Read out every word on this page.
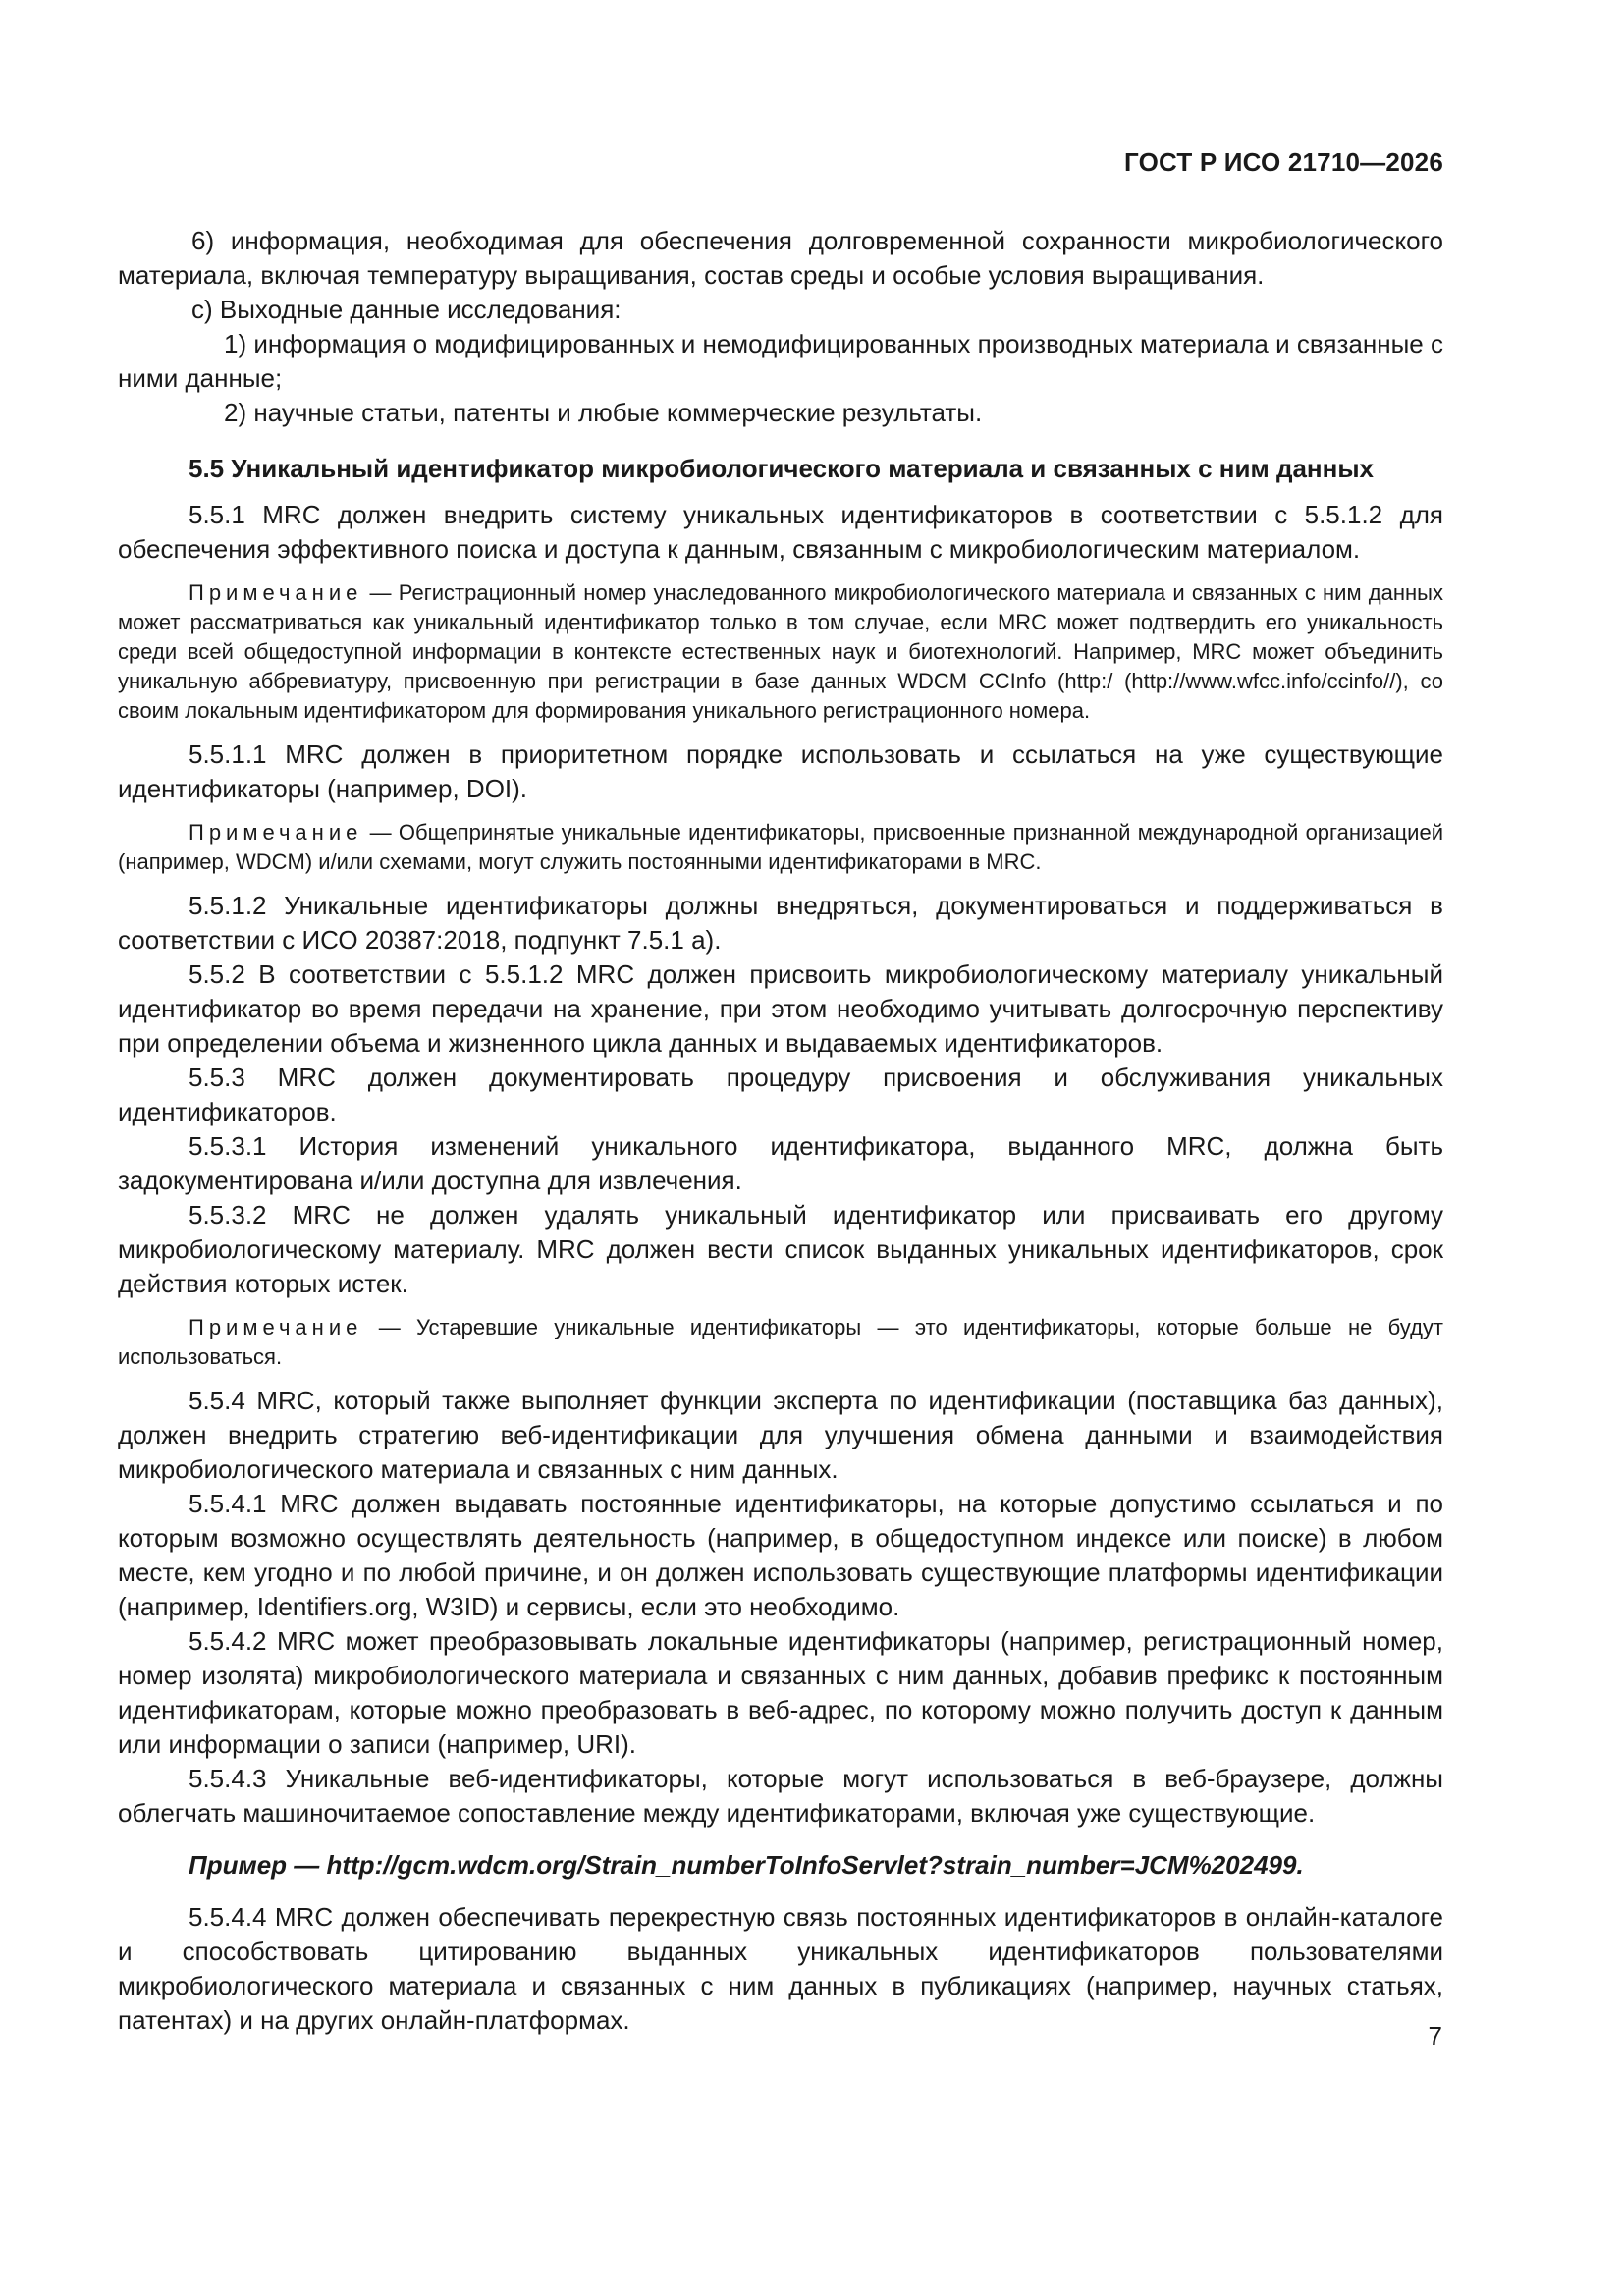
ГОСТ Р ИСО 21710—2026

6) информация, необходимая для обеспечения долговременной сохранности микробиологического материала, включая температуру выращивания, состав среды и особые условия выращивания.

с) Выходные данные исследования:

1) информация о модифицированных и немодифицированных производных материала и связанные с ними данные;

2) научные статьи, патенты и любые коммерческие результаты.

5.5 Уникальный идентификатор микробиологического материала и связанных с ним данных

5.5.1 MRC должен внедрить систему уникальных идентификаторов в соответствии с 5.5.1.2 для обеспечения эффективного поиска и доступа к данным, связанным с микробиологическим материалом.

Примечание — Регистрационный номер унаследованного микробиологического материала и связанных с ним данных может рассматриваться как уникальный идентификатор только в том случае, если MRC может подтвердить его уникальность среди всей общедоступной информации в контексте естественных наук и биотехнологий. Например, MRC может объединить уникальную аббревиатуру, присвоенную при регистрации в базе данных WDCM CCInfo (http:/ (http://www.wfcc.info/ccinfo//), со своим локальным идентификатором для формирования уникального регистрационного номера.

5.5.1.1 MRC должен в приоритетном порядке использовать и ссылаться на уже существующие идентификаторы (например, DOI).

Примечание — Общепринятые уникальные идентификаторы, присвоенные признанной международной организацией (например, WDCM) и/или схемами, могут служить постоянными идентификаторами в MRC.

5.5.1.2 Уникальные идентификаторы должны внедряться, документироваться и поддерживаться в соответствии с ИСО 20387:2018, подпункт 7.5.1 а).

5.5.2 В соответствии с 5.5.1.2 MRC должен присвоить микробиологическому материалу уникальный идентификатор во время передачи на хранение, при этом необходимо учитывать долгосрочную перспективу при определении объема и жизненного цикла данных и выдаваемых идентификаторов.

5.5.3 MRC должен документировать процедуру присвоения и обслуживания уникальных идентификаторов.

5.5.3.1 История изменений уникального идентификатора, выданного MRC, должна быть задокументирована и/или доступна для извлечения.

5.5.3.2 MRC не должен удалять уникальный идентификатор или присваивать его другому микробиологическому материалу. MRC должен вести список выданных уникальных идентификаторов, срок действия которых истек.

Примечание — Устаревшие уникальные идентификаторы — это идентификаторы, которые больше не будут использоваться.

5.5.4 MRC, который также выполняет функции эксперта по идентификации (поставщика баз данных), должен внедрить стратегию веб-идентификации для улучшения обмена данными и взаимодействия микробиологического материала и связанных с ним данных.

5.5.4.1 MRC должен выдавать постоянные идентификаторы, на которые допустимо ссылаться и по которым возможно осуществлять деятельность (например, в общедоступном индексе или поиске) в любом месте, кем угодно и по любой причине, и он должен использовать существующие платформы идентификации (например, Identifiers.org, W3ID) и сервисы, если это необходимо.

5.5.4.2 MRC может преобразовывать локальные идентификаторы (например, регистрационный номер, номер изолята) микробиологического материала и связанных с ним данных, добавив префикс к постоянным идентификаторам, которые можно преобразовать в веб-адрес, по которому можно получить доступ к данным или информации о записи (например, URI).

5.5.4.3 Уникальные веб-идентификаторы, которые могут использоваться в веб-браузере, должны облегчать машиночитаемое сопоставление между идентификаторами, включая уже существующие.

Пример — http://gcm.wdcm.org/Strain_numberToInfoServlet?strain_number=JCM%202499.

5.5.4.4 MRC должен обеспечивать перекрестную связь постоянных идентификаторов в онлайн-каталоге и способствовать цитированию выданных уникальных идентификаторов пользователями микробиологического материала и связанных с ним данных в публикациях (например, научных статьях, патентах) и на других онлайн-платформах.

7
